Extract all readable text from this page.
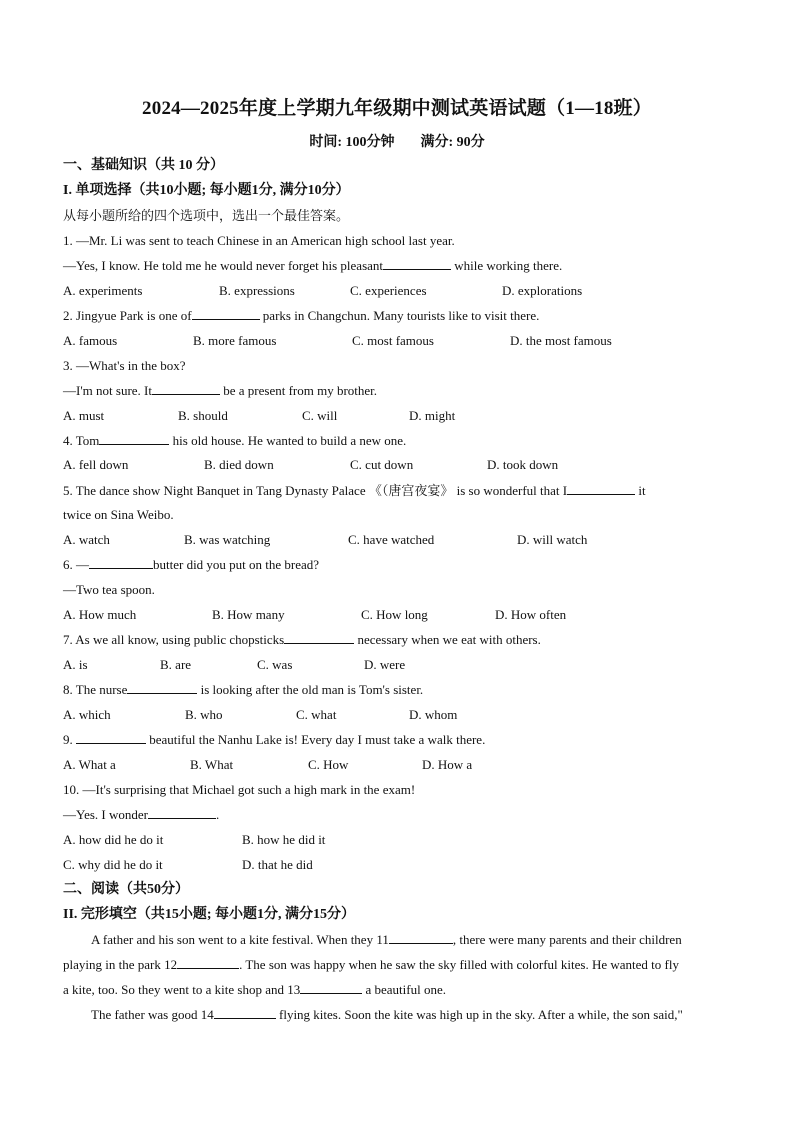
2024—2025年度上学期九年级期中测试英语试题（1—18班）
时间: 100分钟 满分: 90分
一、基础知识（共 10 分）
I. 单项选择（共10小题; 每小题1分, 满分10分）
从每小题所给的四个选项中，选出一个最佳答案。
1. —Mr. Li was sent to teach Chinese in an American high school last year.
—Yes, I know. He told me he would never forget his pleasant	while working there.
A. experiments	B. expressions	C. experiences	D. explorations
2. Jingyue Park is one of	parks in Changchun. Many tourists like to visit there.
A. famous	B. more famous	C. most famous	D. the most famous
3. —What's in the box?
—I'm not sure. It	be a present from my brother.
A. must	B. should	C. will	D. might
4. Tom	his old house. He wanted to build a new one.
A. fell down	B. died down	C. cut down	D. took down
5. The dance show Night Banquet in Tang Dynasty Palace 《（唐宫夜宴》 is so wonderful that I	it
twice on Sina Weibo.
A. watch	B. was watching	C. have watched	D. will watch
6. —	butter did you put on the bread?
—Two tea spoon.
A. How much	B. How many	C. How long	D. How often
7. As we all know, using public chopsticks	necessary when we eat with others.
A. is	B. are	C. was	D. were
8. The nurse	is looking after the old man is Tom's sister.
A. which	B. who	C. what	D. whom
9.	beautiful the Nanhu Lake is! Every day I must take a walk there.
A. What a	B. What	C. How	D. How a
10. —It's surprising that Michael got such a high mark in the exam!
—Yes. I wonder	.
A. how did he do it	B. how he did it
C. why did he do it	D. that he did
二、阅读（共50分）
II. 完形填空（共15小题; 每小题1分, 满分15分）
A father and his son went to a kite festival. When they 11	, there were many parents and their children
playing in the park 12	. The son was happy when he saw the sky filled with colorful kites. He wanted to fly
a kite, too. So they went to a kite shop and 13	a beautiful one.
The father was good 14	flying kites. Soon the kite was high up in the sky. After a while, the son said,"
